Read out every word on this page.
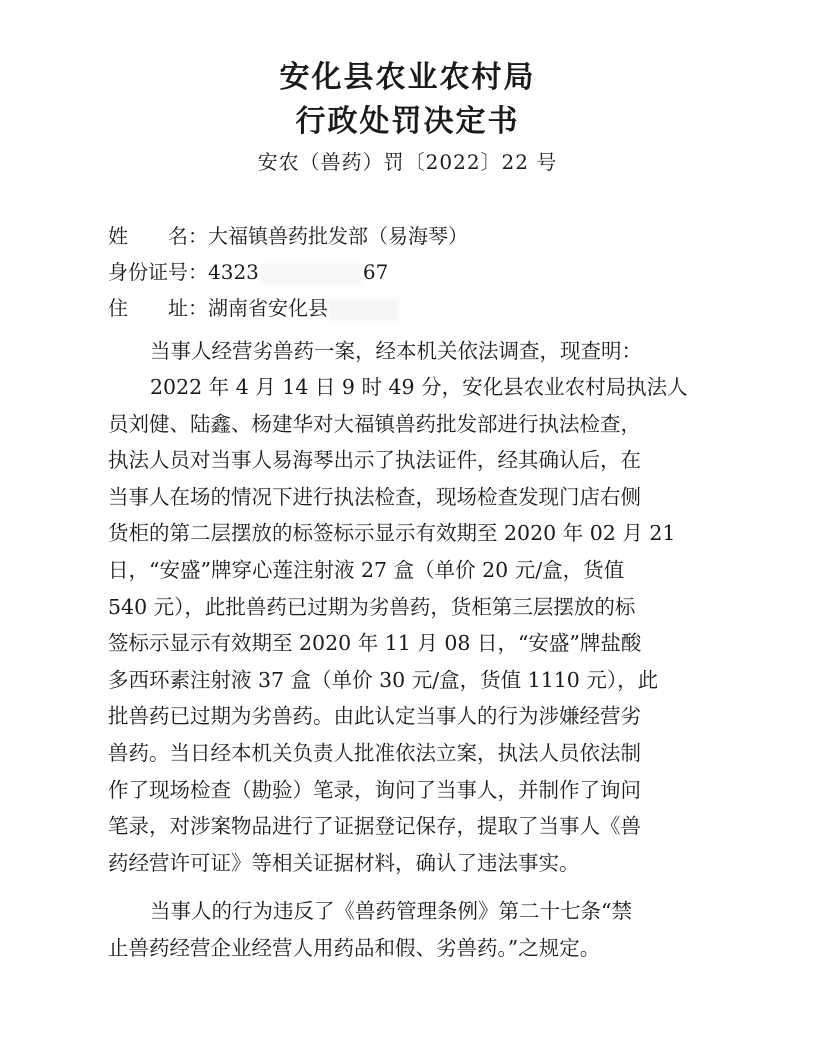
安化县农业农村局
行政处罚决定书
安农（兽药）罚〔2022〕22 号
姓　　名：大福镇兽药批发部（易海琴）
身份证号：4323	67
住　　址：湖南省安化县
当事人经营劣兽药一案，经本机关依法调查，现查明：
2022 年 4 月 14 日 9 时 49 分，安化县农业农村局执法人
员刘健、陆鑫、杨建华对大福镇兽药批发部进行执法检查，
执法人员对当事人易海琴出示了执法证件，经其确认后，在
当事人在场的情况下进行执法检查，现场检查发现门店右侧
货柜的第二层摆放的标签标示显示有效期至 2020 年 02 月 21
日，“安盛”牌穿心莲注射液 27 盒（单价 20 元/盒，货值
540 元），此批兽药已过期为劣兽药，货柜第三层摆放的标
签标示显示有效期至 2020 年 11 月 08 日，“安盛”牌盐酸
多西环素注射液 37 盒（单价 30 元/盒，货值 1110 元），此
批兽药已过期为劣兽药。由此认定当事人的行为涉嫌经营劣
兽药。当日经本机关负责人批准依法立案，执法人员依法制
作了现场检查（勘验）笔录，询问了当事人，并制作了询问
笔录，对涉案物品进行了证据登记保存，提取了当事人《兽
药经营许可证》等相关证据材料，确认了违法事实。
当事人的行为违反了《兽药管理条例》第二十七条“禁
止兽药经营企业经营人用药品和假、劣兽药。”之规定。
